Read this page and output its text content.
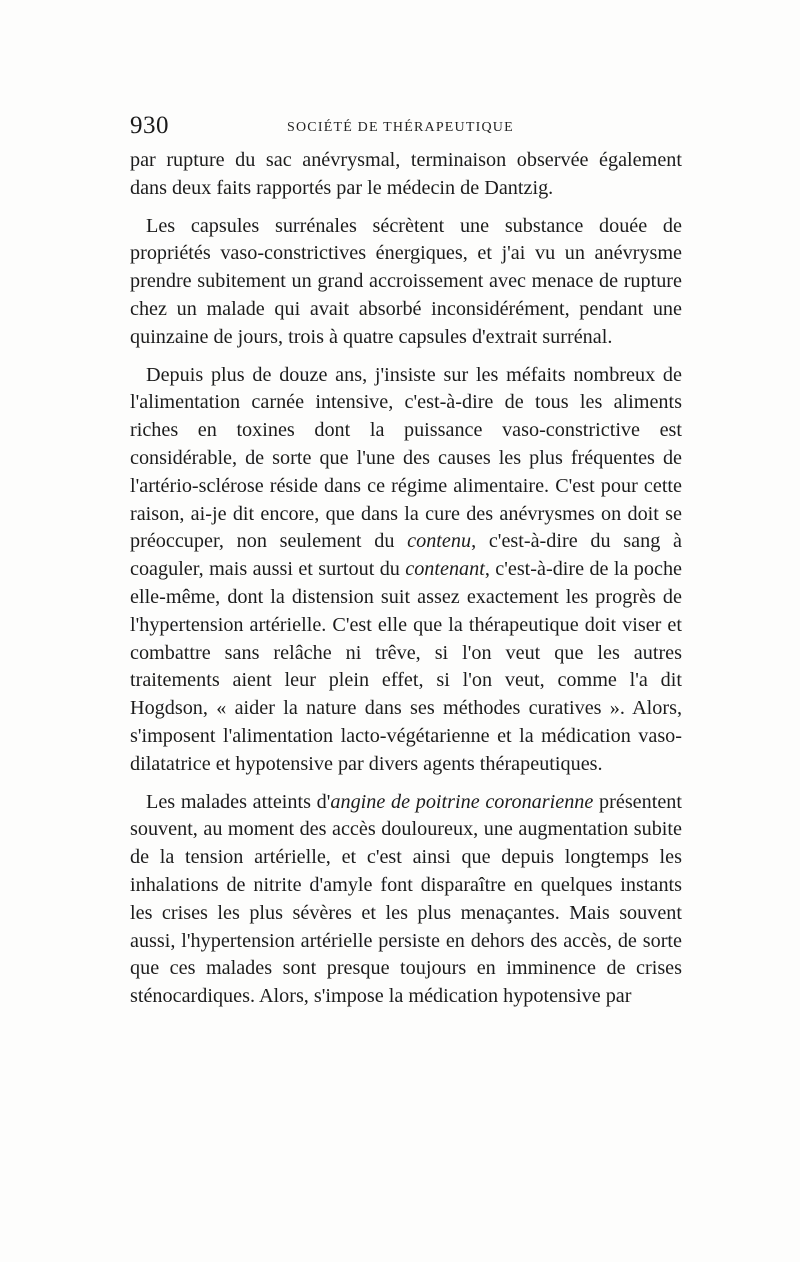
930	SOCIÉTÉ DE THÉRAPEUTIQUE

par rupture du sac anévrysmal, terminaison observée également dans deux faits rapportés par le médecin de Dantzig.

Les capsules surrénales sécrètent une substance douée de propriétés vaso-constrictives énergiques, et j'ai vu un anévrysme prendre subitement un grand accroissement avec menace de rupture chez un malade qui avait absorbé inconsidérément, pendant une quinzaine de jours, trois à quatre capsules d'extrait surrénal.

Depuis plus de douze ans, j'insiste sur les méfaits nombreux de l'alimentation carnée intensive, c'est-à-dire de tous les aliments riches en toxines dont la puissance vaso-constrictive est considérable, de sorte que l'une des causes les plus fréquentes de l'artério-sclérose réside dans ce régime alimentaire. C'est pour cette raison, ai-je dit encore, que dans la cure des anévrysmes on doit se préoccuper, non seulement du contenu, c'est-à-dire du sang à coaguler, mais aussi et surtout du contenant, c'est-à-dire de la poche elle-même, dont la distension suit assez exactement les progrès de l'hypertension artérielle. C'est elle que la thérapeutique doit viser et combattre sans relâche ni trêve, si l'on veut que les autres traitements aient leur plein effet, si l'on veut, comme l'a dit Hogdson, « aider la nature dans ses méthodes curatives ». Alors, s'imposent l'alimentation lacto-végétarienne et la médication vaso-dilatatrice et hypotensive par divers agents thérapeutiques.

Les malades atteints d'angine de poitrine coronarienne présentent souvent, au moment des accès douloureux, une augmentation subite de la tension artérielle, et c'est ainsi que depuis longtemps les inhalations de nitrite d'amyle font disparaître en quelques instants les crises les plus sévères et les plus menaçantes. Mais souvent aussi, l'hypertension artérielle persiste en dehors des accès, de sorte que ces malades sont presque toujours en imminence de crises sténocardiques. Alors, s'impose la médication hypotensive par
